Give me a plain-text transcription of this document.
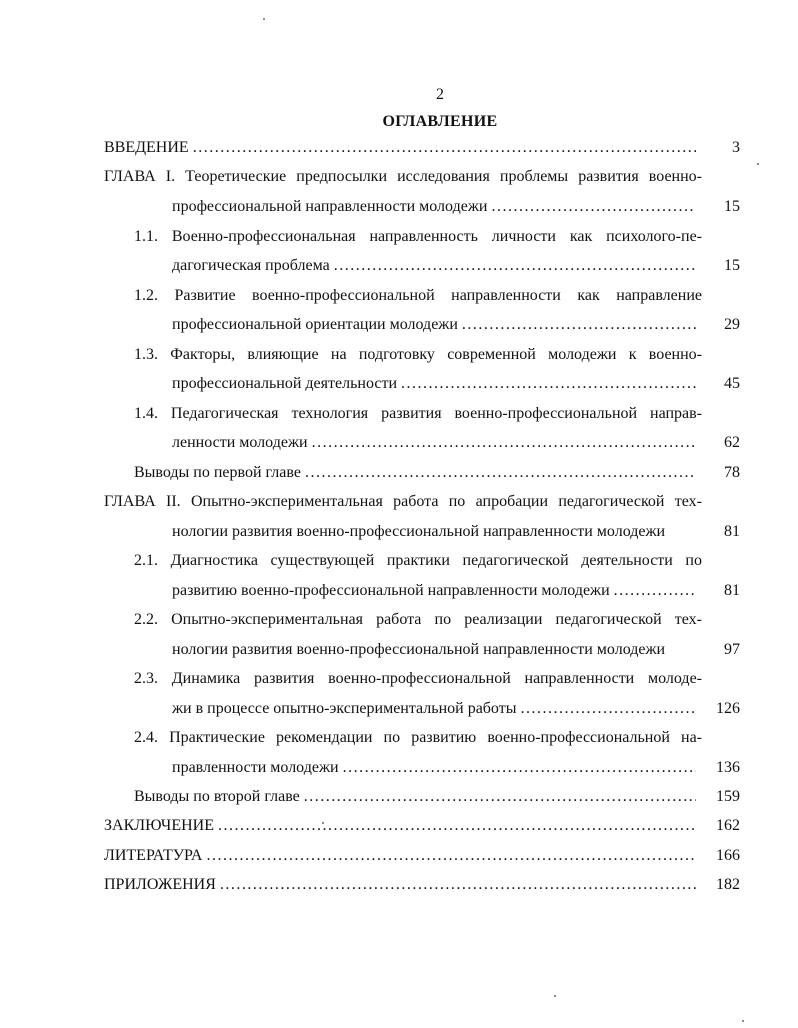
2
ОГЛАВЛЕНИЕ
ВВЕДЕНИЕ .....	3
ГЛАВА I. Теоретические предпосылки исследования проблемы развития военно-
профессиональной направленности молодежи .....	15
1.1. Военно-профессиональная направленность личности как психолого-пе-
дагогическая проблема .....	15
1.2. Развитие военно-профессиональной направленности как направление
профессиональной ориентации молодежи .....	29
1.3. Факторы, влияющие на подготовку современной молодежи к военно-
профессиональной деятельности .....	45
1.4. Педагогическая технология развития военно-профессиональной направ-
ленности молодежи .....	62
Выводы по первой главе .....	78
ГЛАВА II. Опытно-экспериментальная работа по апробации педагогической тех-
нологии развития военно-профессиональной направленности молодежи	81
2.1. Диагностика существующей практики педагогической деятельности по
развитию военно-профессиональной направленности молодежи .....	81
2.2. Опытно-экспериментальная работа по реализации педагогической тех-
нологии развития военно-профессиональной направленности молодежи	97
2.3. Динамика развития военно-профессиональной направленности молоде-
жи в процессе опытно-экспериментальной работы .....	126
2.4. Практические рекомендации по развитию военно-профессиональной на-
правленности молодежи .....	136
Выводы по второй главе .....	159
ЗАКЛЮЧЕНИЕ .....	162
ЛИТЕРАТУРА .....	166
ПРИЛОЖЕНИЯ .....	182
